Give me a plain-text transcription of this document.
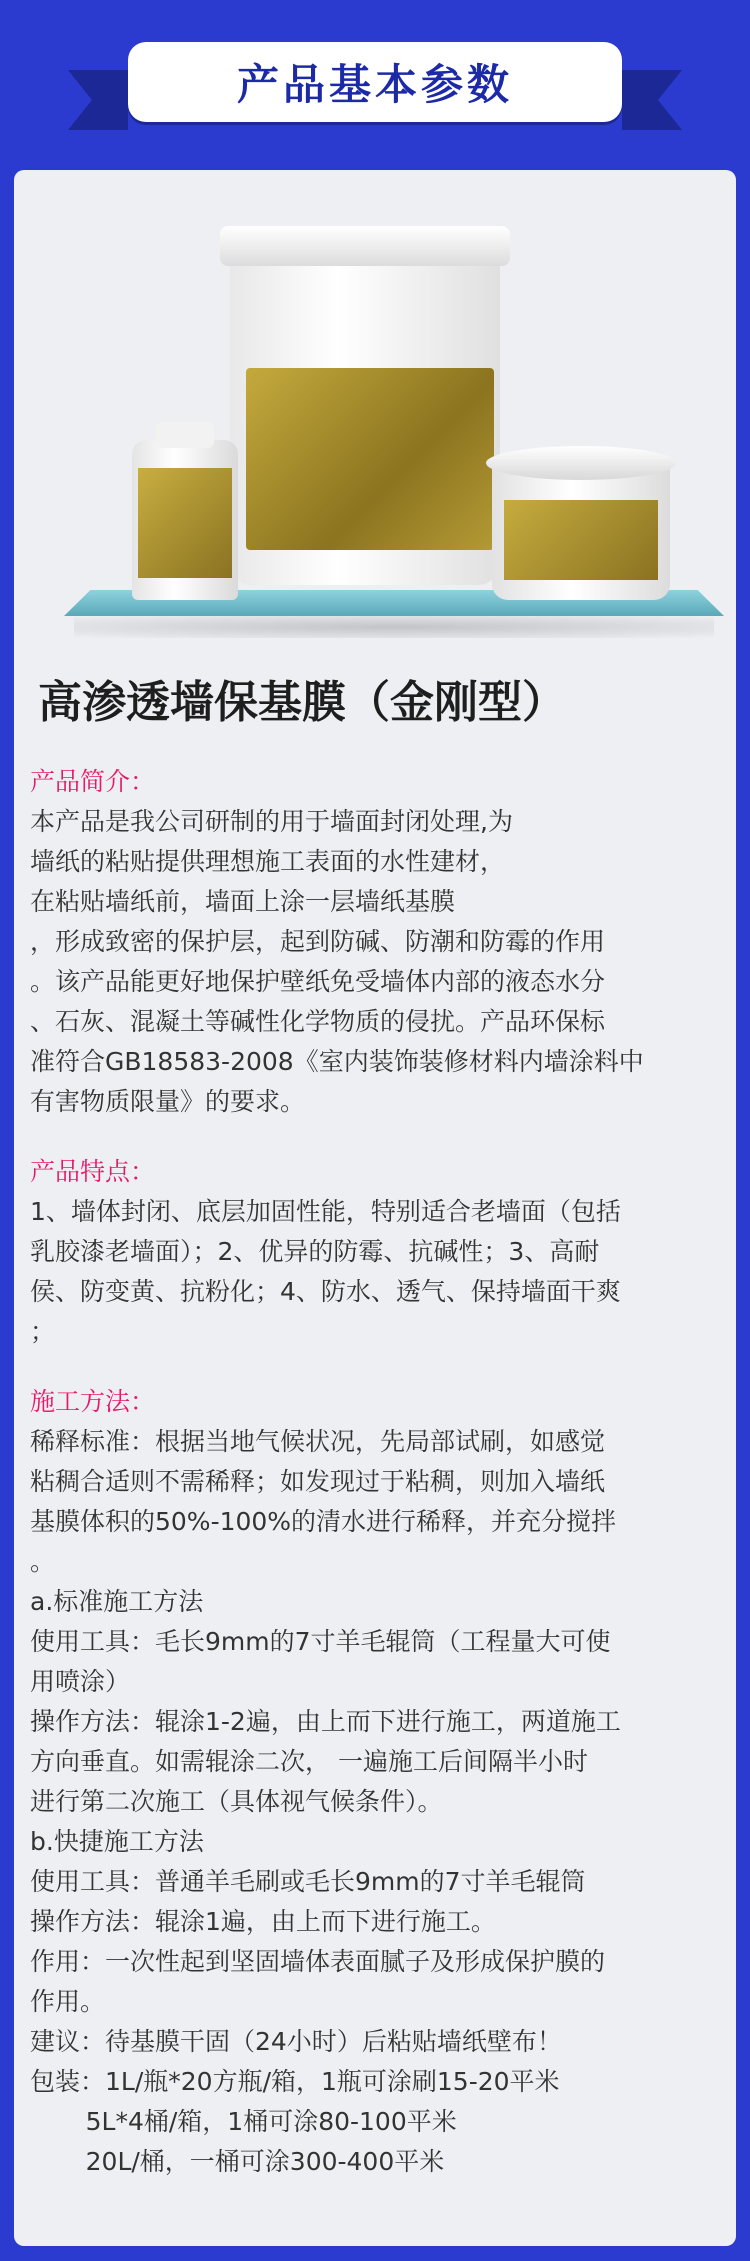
产品基本参数
高渗透墙保基膜（金刚型）
产品简介：
本产品是我公司研制的用于墙面封闭处理,为
墙纸的粘贴提供理想施工表面的水性建材，
在粘贴墙纸前，墙面上涂一层墙纸基膜
，形成致密的保护层，起到防碱、防潮和防霉的作用
。该产品能更好地保护壁纸免受墙体内部的液态水分
、石灰、混凝土等碱性化学物质的侵扰。产品环保标
准符合GB18583-2008《室内装饰装修材料内墙涂料中
有害物质限量》的要求。
产品特点：
1、墙体封闭、底层加固性能，特别适合老墙面（包括
乳胶漆老墙面）；2、优异的防霉、抗碱性；3、高耐
侯、防变黄、抗粉化；4、防水、透气、保持墙面干爽
；
施工方法：
稀释标准：根据当地气候状况，先局部试刷，如感觉
粘稠合适则不需稀释；如发现过于粘稠，则加入墙纸
基膜体积的50%-100%的清水进行稀释，并充分搅拌
。
a.标准施工方法
使用工具：毛长9mm的7寸羊毛辊筒（工程量大可使
用喷涂）
操作方法：辊涂1-2遍，由上而下进行施工，两道施工
方向垂直。如需辊涂二次， 一遍施工后间隔半小时
进行第二次施工（具体视气候条件）。
b.快捷施工方法
使用工具：普通羊毛刷或毛长9mm的7寸羊毛辊筒
操作方法：辊涂1遍，由上而下进行施工。
作用：一次性起到坚固墙体表面腻子及形成保护膜的
作用。
建议：待基膜干固（24小时）后粘贴墙纸壁布！
包装：1L/瓶*20方瓶/箱，1瓶可涂刷15-20平米
5L*4桶/箱，1桶可涂80-100平米
20L/桶，一桶可涂300-400平米
